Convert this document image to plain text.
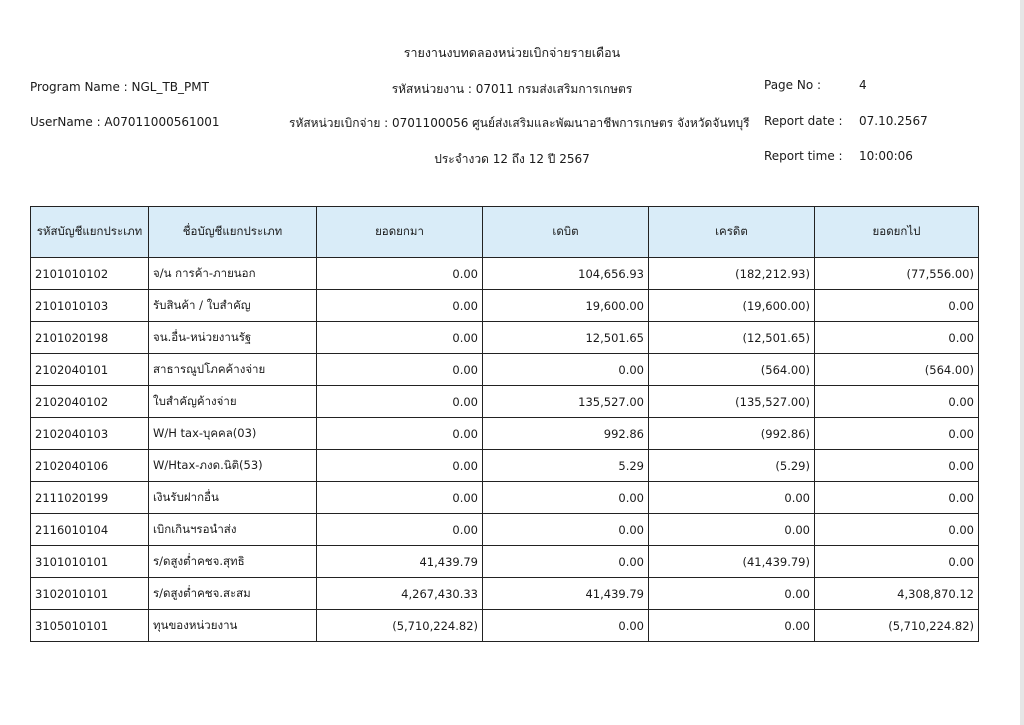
รายงานงบทดลองหน่วยเบิกจ่ายรายเดือน
Program Name : NGL_TB_PMT	รหัสหน่วยงาน : 07011 กรมส่งเสริมการเกษตร	Page No :	4
UserName : A07011000561001	รหัสหน่วยเบิกจ่าย : 0701100056 ศูนย์ส่งเสริมและพัฒนาอาชีพการเกษตร จังหวัดจันทบุรี Report date : 07.10.2567
ประจำงวด 12 ถึง 12 ปี 2567	Report time : 10:00:06
รหัสบัญชีแยกประเภท	ชื่อบัญชีแยกประเภท	ยอดยกมา	เดบิต	เครดิต	ยอดยกไป
2101010102	จ/น การค้า-ภายนอก	0.00	104,656.93	(182,212.93)	(77,556.00)
2101010103	รับสินค้า / ใบสำคัญ	0.00	19,600.00	(19,600.00)	0.00
2101020198	จน.อื่น-หน่วยงานรัฐ	0.00	12,501.65	(12,501.65)	0.00
2102040101	สาธารณูปโภคค้างจ่าย	0.00	0.00	(564.00)	(564.00)
2102040102	ใบสำคัญค้างจ่าย	0.00	135,527.00	(135,527.00)	0.00
2102040103	W/H tax-บุคคล(03)	0.00	992.86	(992.86)	0.00
2102040106	W/Htax-ภงด.นิติ(53)	0.00	5.29	(5.29)	0.00
2111020199	เงินรับฝากอื่น	0.00	0.00	0.00	0.00
2116010104	เบิกเกินฯรอนำส่ง	0.00	0.00	0.00	0.00
3101010101	ร/ดสูงต่ำคชจ.สุทธิ	41,439.79	0.00	(41,439.79)	0.00
3102010101	ร/ดสูงต่ำคชจ.สะสม	4,267,430.33	41,439.79	0.00	4,308,870.12
3105010101	ทุนของหน่วยงาน	(5,710,224.82)	0.00	0.00	(5,710,224.82)
